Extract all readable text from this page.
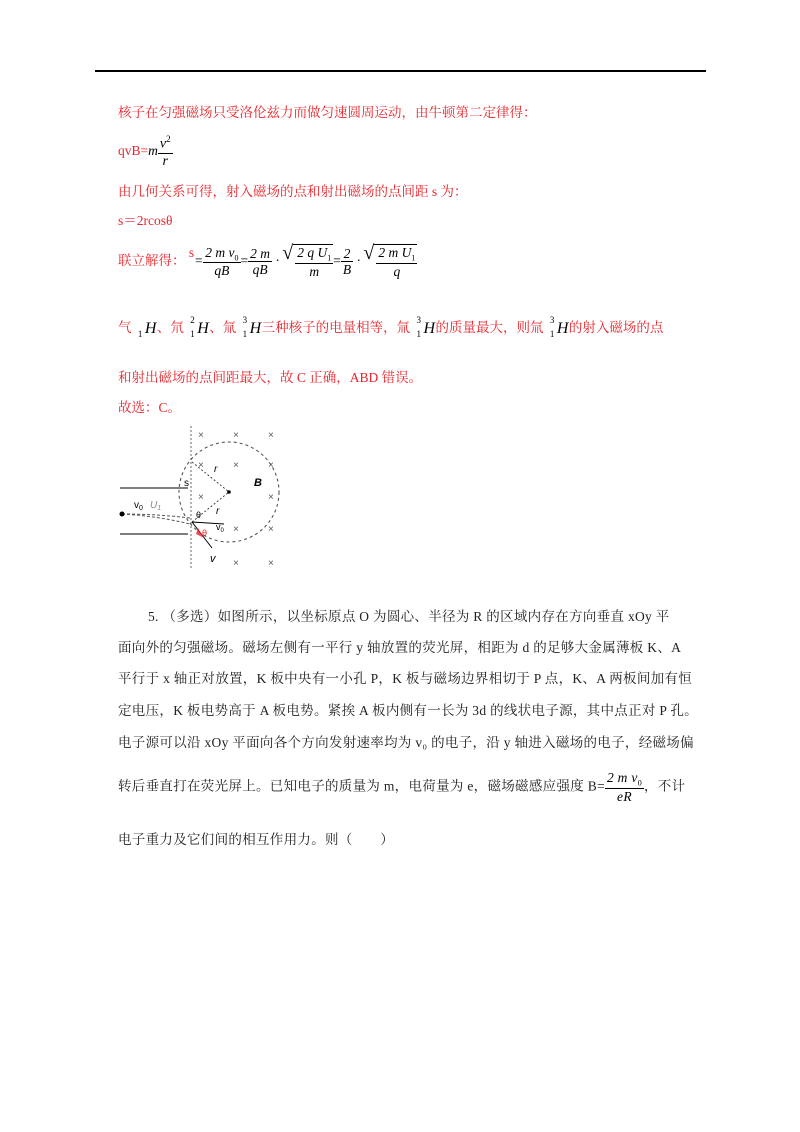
核子在匀强磁场只受洛伦兹力而做匀速圆周运动，由牛顿第二定律得：
$qvB=m \frac{v^2}{r}$
由几何关系可得，射入磁场的点和射出磁场的点间距 s 为：
s＝2rcosθ
联立解得： $s= \frac{2 m v_0}{qB} = \frac{2 m}{qB}$ · √ $\frac{2 q U_1}{m} = \frac{2}{B}$ · √ $\frac{2 m U_1}{q}$
气 1 H 、氘
2
1 H 、氚
3
1 H 三种核子的电量相等，氚
3
1 H 的质量最大，则氚
3
1 H 的射入磁场的点
和射出磁场的点间距最大，故 C 正确，ABD 错误。
故选：C。
×	×	×
×	×	×
×	×
×	×
×	×
s
r
r
B
$v_0$ $U_1$
θ
θ
$v_0$
v
5. （多选）如图所示，以坐标原点 O 为圆心、半径为 R 的区域内存在方向垂直 xOy 平
面向外的匀强磁场。磁场左侧有一平行 y 轴放置的荧光屏，相距为 d 的足够大金属薄板 K、A
平行于 x 轴正对放置，K 板中央有一小孔 P，K 板与磁场边界相切于 P 点，K、A 两板间加有恒
定电压，K 板电势高于 A 板电势。紧挨 A 板内侧有一长为 3d 的线状电子源，其中点正对 P 孔。
电子源可以沿 xOy 平面向各个方向发射速率均为 v₀ 的电子，沿 y 轴进入磁场的电子，经磁场偏
转后垂直打在荧光屏上。已知电子的质量为 m，电荷量为 e，磁场磁感应强度 $B= \frac{2 m v_0}{eR}$ ，不计
电子重力及它们间的相互作用力。则（　　）
